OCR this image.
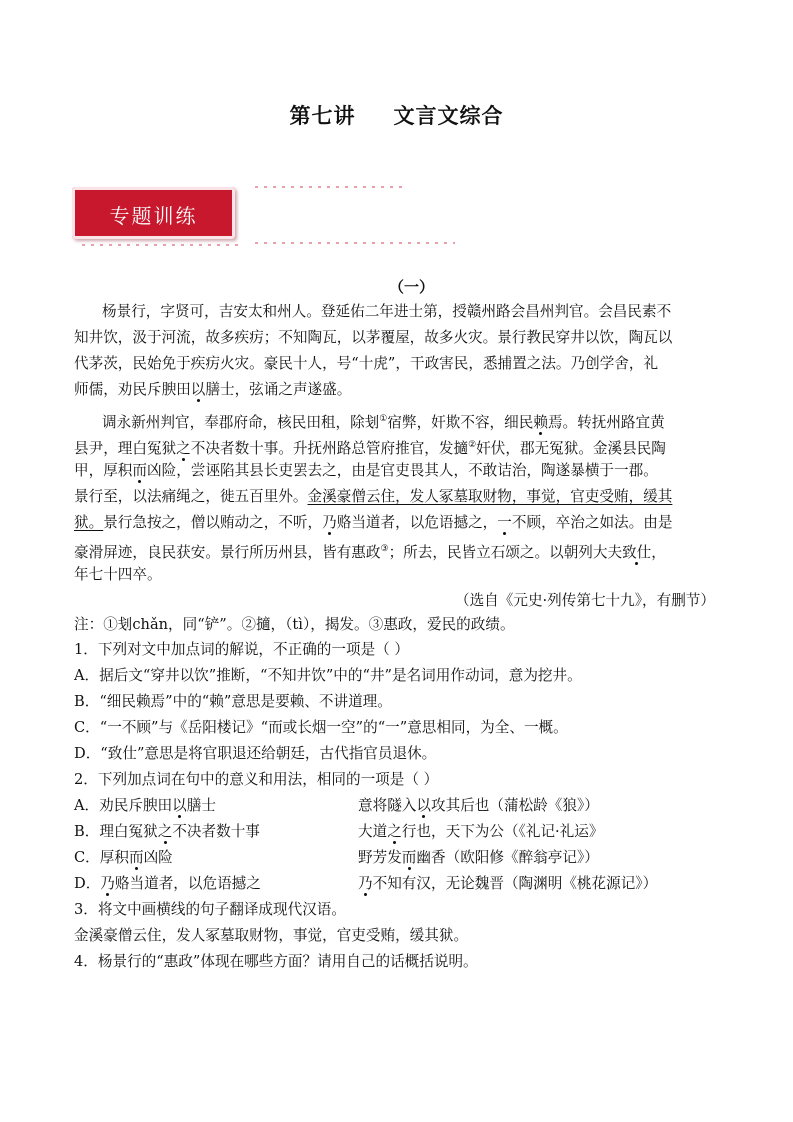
第七讲 文言文综合
专题训练
（一）
杨景行，字贤可，吉安太和州人。登延佑二年进士第，授赣州路会昌州判官。会昌民素不
知井饮，汲于河流，故多疾疠；不知陶瓦，以茅覆屋，故多火灾。景行教民穿井以饮，陶瓦以
代茅茨，民始免于疾疠火灾。豪民十人，号“十虎”，干政害民，悉捕置之法。乃创学舍，礼
师儒，劝民斥腴田以膳士，弦诵之声遂盛。
调永新州判官，奉郡府命，核民田租，除刬①宿弊，奸欺不容，细民赖焉。转抚州路宜黄
县尹，理白冤狱之不决者数十事。升抚州路总管府推官，发擿②奸伏，郡无冤狱。金溪县民陶
甲，厚积而凶险，尝诬陷其县长吏罢去之，由是官吏畏其人，不敢诘治，陶遂暴横于一郡。
景行至，以法痛绳之，徙五百里外。金溪豪僧云住，发人冢墓取财物，事觉，官吏受贿，缓其
狱。景行急按之，僧以贿动之，不听，乃赂当道者，以危语撼之，一不顾，卒治之如法。由是
豪滑屏迹，良民获安。景行所历州县，皆有惠政③；所去，民皆立石颂之。以朝列大夫致仕，
年七十四卒。
（选自《元史·列传第七十九》，有删节）
注：①刬chǎn，同“铲”。②擿，（tì），揭发。③惠政，爱民的政绩。
1．下列对文中加点词的解说，不正确的一项是（ ）
A．据后文“穿井以饮”推断，“不知井饮”中的“井”是名词用作动词，意为挖井。
B．“细民赖焉”中的“赖”意思是要赖、不讲道理。
C．“一不顾”与《岳阳楼记》“而或长烟一空”的“一”意思相同，为全、一概。
D．“致仕”意思是将官职退还给朝廷，古代指官员退休。
2．下列加点词在句中的意义和用法，相同的一项是（ ）
A．劝民斥腴田以膳士	意将隧入以攻其后也（蒲松龄《狼》）
B．理白冤狱之不决者数十事	大道之行也，天下为公（《礼记·礼运》
C．厚积而凶险	野芳发而幽香（欧阳修《醉翁亭记》）
D．乃赂当道者，以危语撼之	乃不知有汉，无论魏晋（陶渊明《桃花源记》）
3．将文中画横线的句子翻译成现代汉语。
金溪豪僧云住，发人冢墓取财物，事觉，官吏受贿，缓其狱。
4．杨景行的“惠政”体现在哪些方面？请用自己的话概括说明。
